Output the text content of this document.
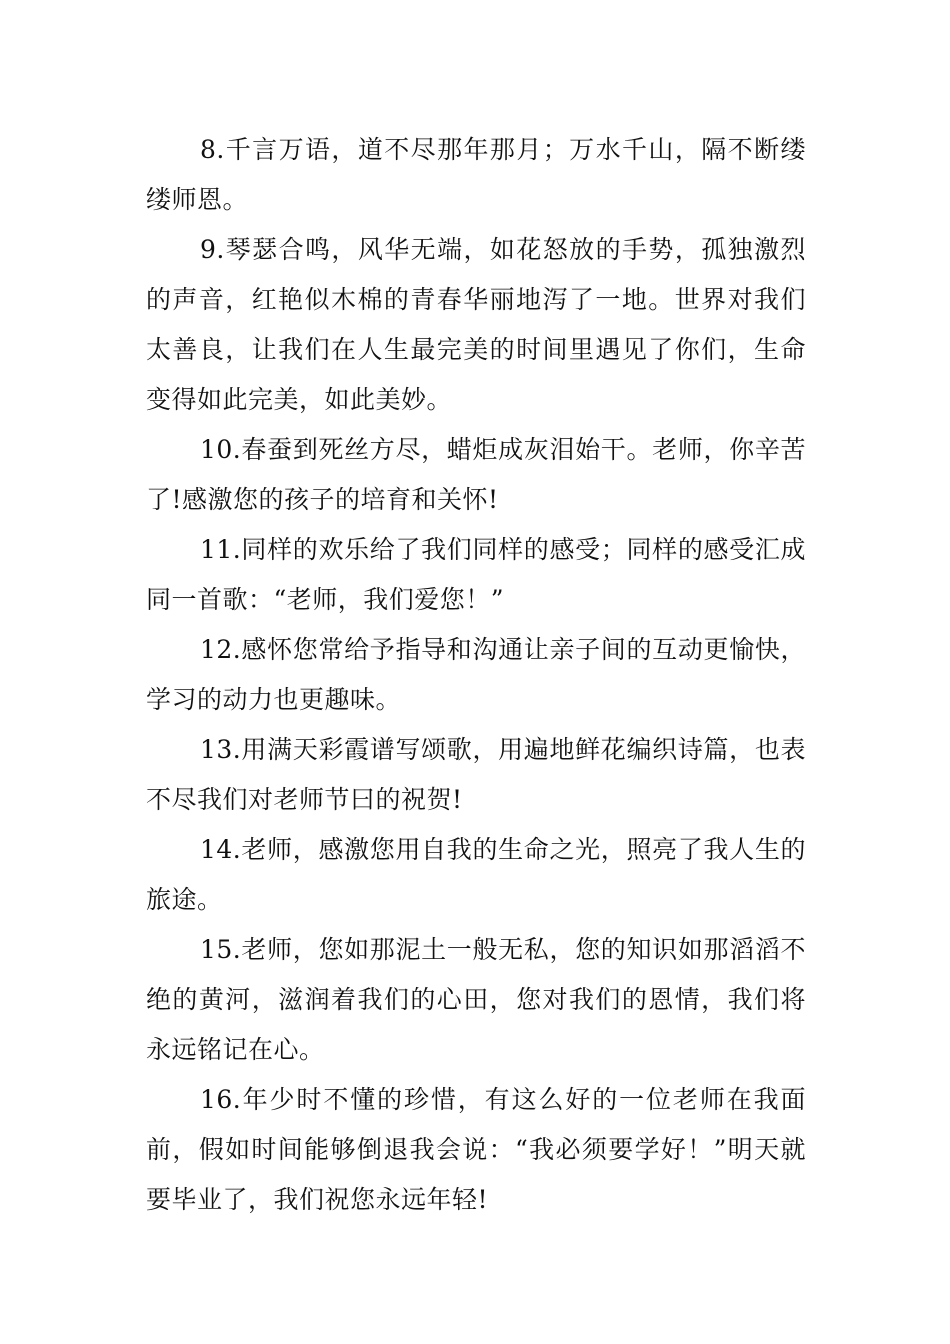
8.千言万语，道不尽那年那月；万水千山，隔不断缕缕师恩。

9.琴瑟合鸣，风华无端，如花怒放的手势，孤独激烈的声音，红艳似木棉的青春华丽地泻了一地。世界对我们太善良，让我们在人生最完美的时间里遇见了你们，生命变得如此完美，如此美妙。

10.春蚕到死丝方尽，蜡炬成灰泪始干。老师，你辛苦了!感激您的孩子的培育和关怀!

11.同样的欢乐给了我们同样的感受；同样的感受汇成同一首歌：“老师，我们爱您！”

12.感怀您常给予指导和沟通让亲子间的互动更愉快，学习的动力也更趣味。

13.用满天彩霞谱写颂歌，用遍地鲜花编织诗篇，也表不尽我们对老师节曰的祝贺!

14.老师，感激您用自我的生命之光，照亮了我人生的旅途。

15.老师，您如那泥土一般无私，您的知识如那滔滔不绝的黄河，滋润着我们的心田，您对我们的恩情，我们将永远铭记在心。

16.年少时不懂的珍惜，有这么好的一位老师在我面前，假如时间能够倒退我会说：“我必须要学好！”明天就要毕业了，我们祝您永远年轻!
